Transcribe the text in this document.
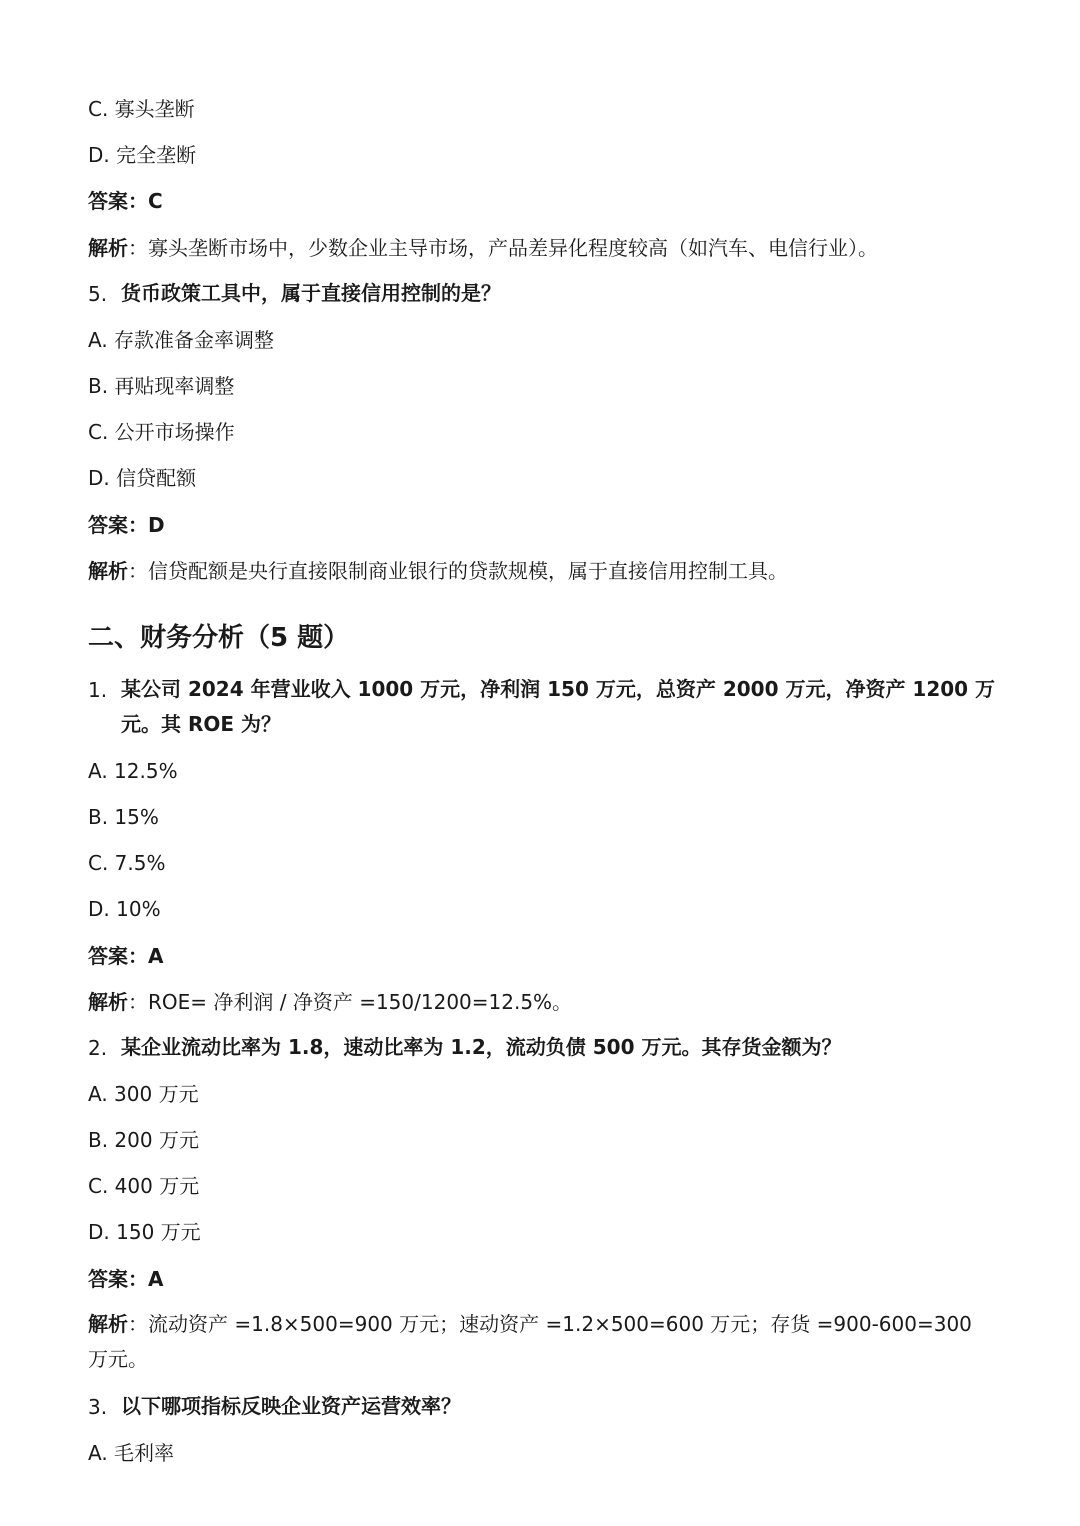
C. 寡头垄断
D. 完全垄断
答案：C
解析：寡头垄断市场中，少数企业主导市场，产品差异化程度较高（如汽车、电信行业）。
5. 货币政策工具中，属于直接信用控制的是？
A. 存款准备金率调整
B. 再贴现率调整
C. 公开市场操作
D. 信贷配额
答案：D
解析：信贷配额是央行直接限制商业银行的贷款规模，属于直接信用控制工具。
二、财务分析（5 题）
1. 某公司 2024 年营业收入 1000 万元，净利润 150 万元，总资产 2000 万元，净资产 1200 万元。其 ROE 为？
A. 12.5%
B. 15%
C. 7.5%
D. 10%
答案：A
解析：ROE= 净利润 / 净资产 =150/1200=12.5%。
2. 某企业流动比率为 1.8，速动比率为 1.2，流动负债 500 万元。其存货金额为？
A. 300 万元
B. 200 万元
C. 400 万元
D. 150 万元
答案：A
解析：流动资产 =1.8×500=900 万元；速动资产 =1.2×500=600 万元；存货 =900-600=300 万元。
3. 以下哪项指标反映企业资产运营效率？
A. 毛利率
